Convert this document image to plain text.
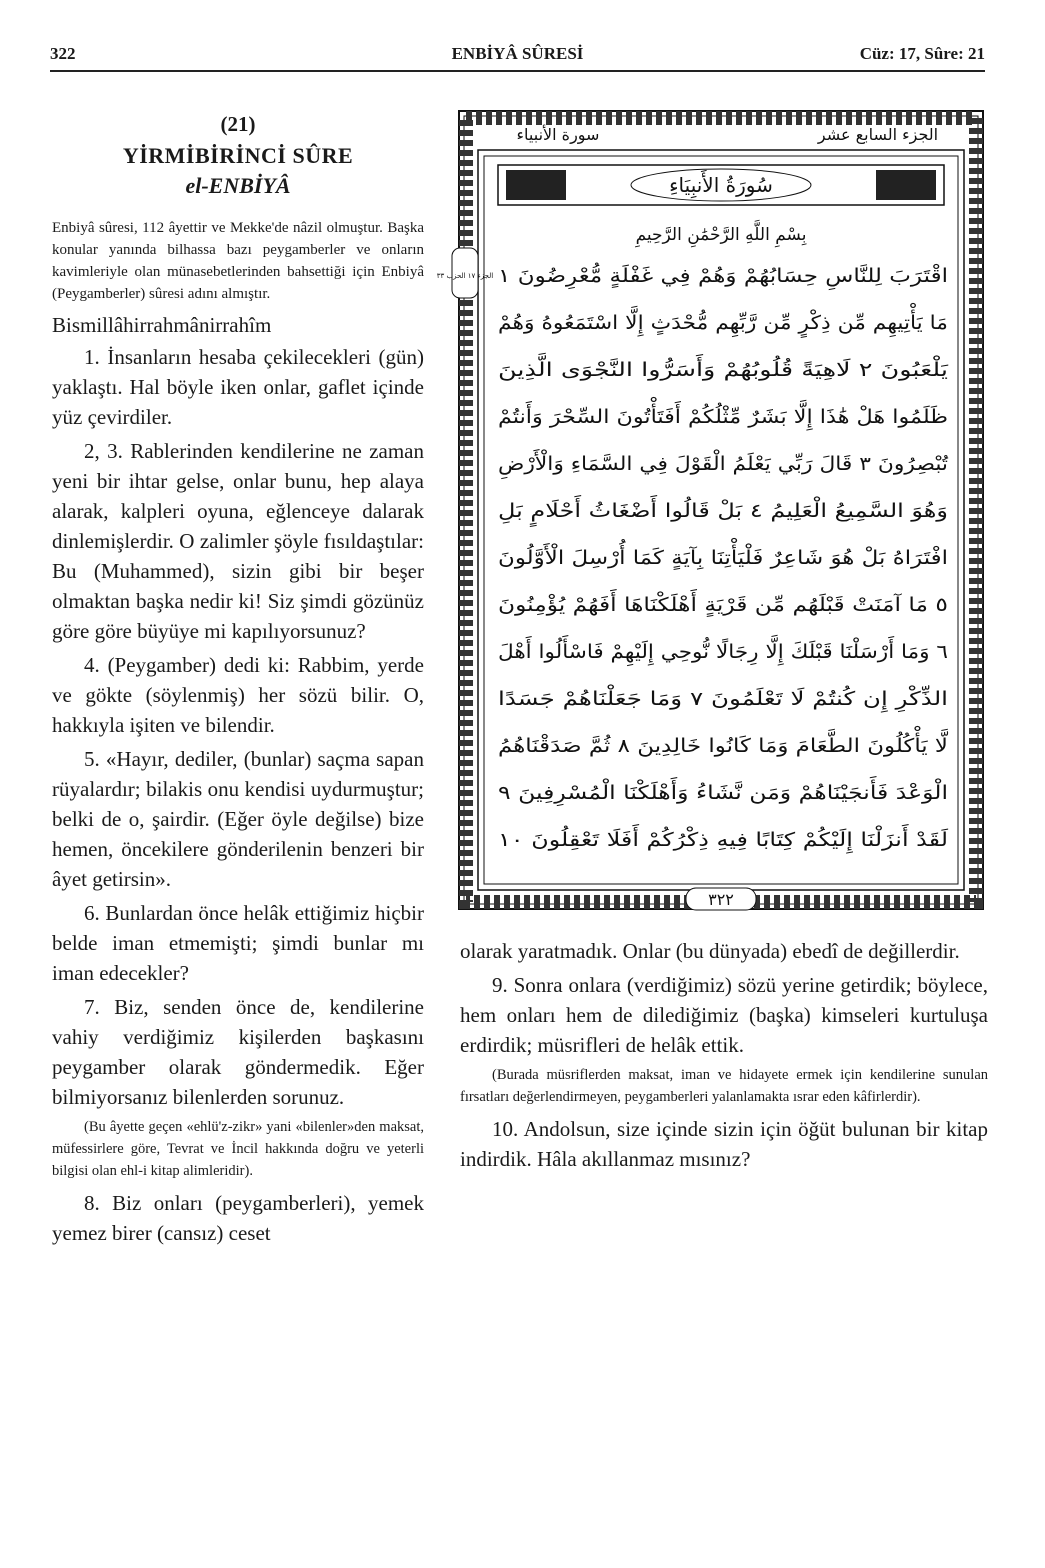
322	ENBİYÂ SÛRESİ	Cüz: 17, Sûre: 21
(21)
YİRMİBİRİNCİ SÛRE
el-ENBİYÂ
Enbiyâ sûresi, 112 âyettir ve Mekke'de nâzil olmuştur. Başka konular yanında bilhassa bazı peygamberler ve onların kavimleriyle olan münasebetlerinden bahsettiği için Enbiyâ (Peygamberler) sûresi adını almıştır.
Bismillâhirrahmânirrahîm

1. İnsanların hesaba çekilecekleri (gün) yaklaştı. Hal böyle iken onlar, gaflet içinde yüz çevirdiler.

2, 3. Rablerinden kendilerine ne zaman yeni bir ihtar gelse, onlar bunu, hep alaya alarak, kalpleri oyuna, eğlenceye dalarak dinlemişlerdir. O zalimler şöyle fısıldaştılar: Bu (Muhammed), sizin gibi bir beşer olmaktan başka nedir ki! Siz şimdi gözünüz göre göre büyüye mi kapılıyorsunuz?

4. (Peygamber) dedi ki: Rabbim, yerde ve gökte (söylenmiş) her sözü bilir. O, hakkıyla işiten ve bilendir.

5. «Hayır, dediler, (bunlar) saçma sapan rüyalardır; bilakis onu kendisi uydurmuştur; belki de o, şairdir. (Eğer öyle değilse) bize hemen, öncekilere gönderilenin benzeri bir âyet getirsin».

6. Bunlardan önce helâk ettiğimiz hiçbir belde iman etmemişti; şimdi bunlar mı iman edecekler?

7. Biz, senden önce de, kendilerine vahiy verdiğimiz kişilerden başkasını peygamber olarak göndermedik. Eğer bilmiyorsanız bilenlerden sorunuz.

(Bu âyette geçen «ehlü'z-zikr» yani «bilenler»den maksat, müfessirlere göre, Tevrat ve İncil hakkında doğru ve yeterli bilgisi olan ehl-i kitap alimleridir).

8. Biz onları (peygamberleri), yemek yemez birer (cansız) ceset

الجزء السابع عشر
سورة الأنبياء
سُورَةُ الأَنبِيَاءِ
بِسْمِ اللَّهِ الرَّحْمَٰنِ الرَّحِيمِ
الجزء ١٧ الحزب ٣٣ اقْتَرَبَ لِلنَّاسِ حِسَابُهُمْ وَهُمْ فِي غَفْلَةٍ مُّعْرِضُونَ ١
مَا يَأْتِيهِم مِّن ذِكْرٍ مِّن رَّبِّهِم مُّحْدَثٍ إِلَّا اسْتَمَعُوهُ وَهُمْ
يَلْعَبُونَ ٢ لَاهِيَةً قُلُوبُهُمْ وَأَسَرُّوا النَّجْوَى الَّذِينَ
ظَلَمُوا هَلْ هَٰذَا إِلَّا بَشَرٌ مِّثْلُكُمْ أَفَتَأْتُونَ السِّحْرَ وَأَنتُمْ
تُبْصِرُونَ ٣ قَالَ رَبِّي يَعْلَمُ الْقَوْلَ فِي السَّمَاءِ وَالْأَرْضِ
وَهُوَ السَّمِيعُ الْعَلِيمُ ٤ بَلْ قَالُوا أَضْغَاثُ أَحْلَامٍ بَلِ
افْتَرَاهُ بَلْ هُوَ شَاعِرٌ فَلْيَأْتِنَا بِآيَةٍ كَمَا أُرْسِلَ الْأَوَّلُونَ
٥ مَا آمَنَتْ قَبْلَهُم مِّن قَرْيَةٍ أَهْلَكْنَاهَا أَفَهُمْ يُؤْمِنُونَ
٦ وَمَا أَرْسَلْنَا قَبْلَكَ إِلَّا رِجَالًا نُّوحِي إِلَيْهِمْ فَاسْأَلُوا أَهْلَ
الذِّكْرِ إِن كُنتُمْ لَا تَعْلَمُونَ ٧ وَمَا جَعَلْنَاهُمْ جَسَدًا
لَّا يَأْكُلُونَ الطَّعَامَ وَمَا كَانُوا خَالِدِينَ ٨ ثُمَّ صَدَقْنَاهُمُ
الْوَعْدَ فَأَنجَيْنَاهُمْ وَمَن نَّشَاءُ وَأَهْلَكْنَا الْمُسْرِفِينَ ٩
لَقَدْ أَنزَلْنَا إِلَيْكُمْ كِتَابًا فِيهِ ذِكْرُكُمْ أَفَلَا تَعْقِلُونَ ١٠
٣٢٢

olarak yaratmadık. Onlar (bu dünyada) ebedî de değillerdir.

9. Sonra onlara (verdiğimiz) sözü yerine getirdik; böylece, hem onları hem de dilediğimiz (başka) kimseleri kurtuluşa erdirdik; müsrifleri de helâk ettik.

(Burada müsriflerden maksat, iman ve hidayete ermek için kendilerine sunulan fırsatları değerlendirmeyen, peygamberleri yalanlamakta ısrar eden kâfirlerdir).

10. Andolsun, size içinde sizin için öğüt bulunan bir kitap indirdik. Hâla akıllanmaz mısınız?
